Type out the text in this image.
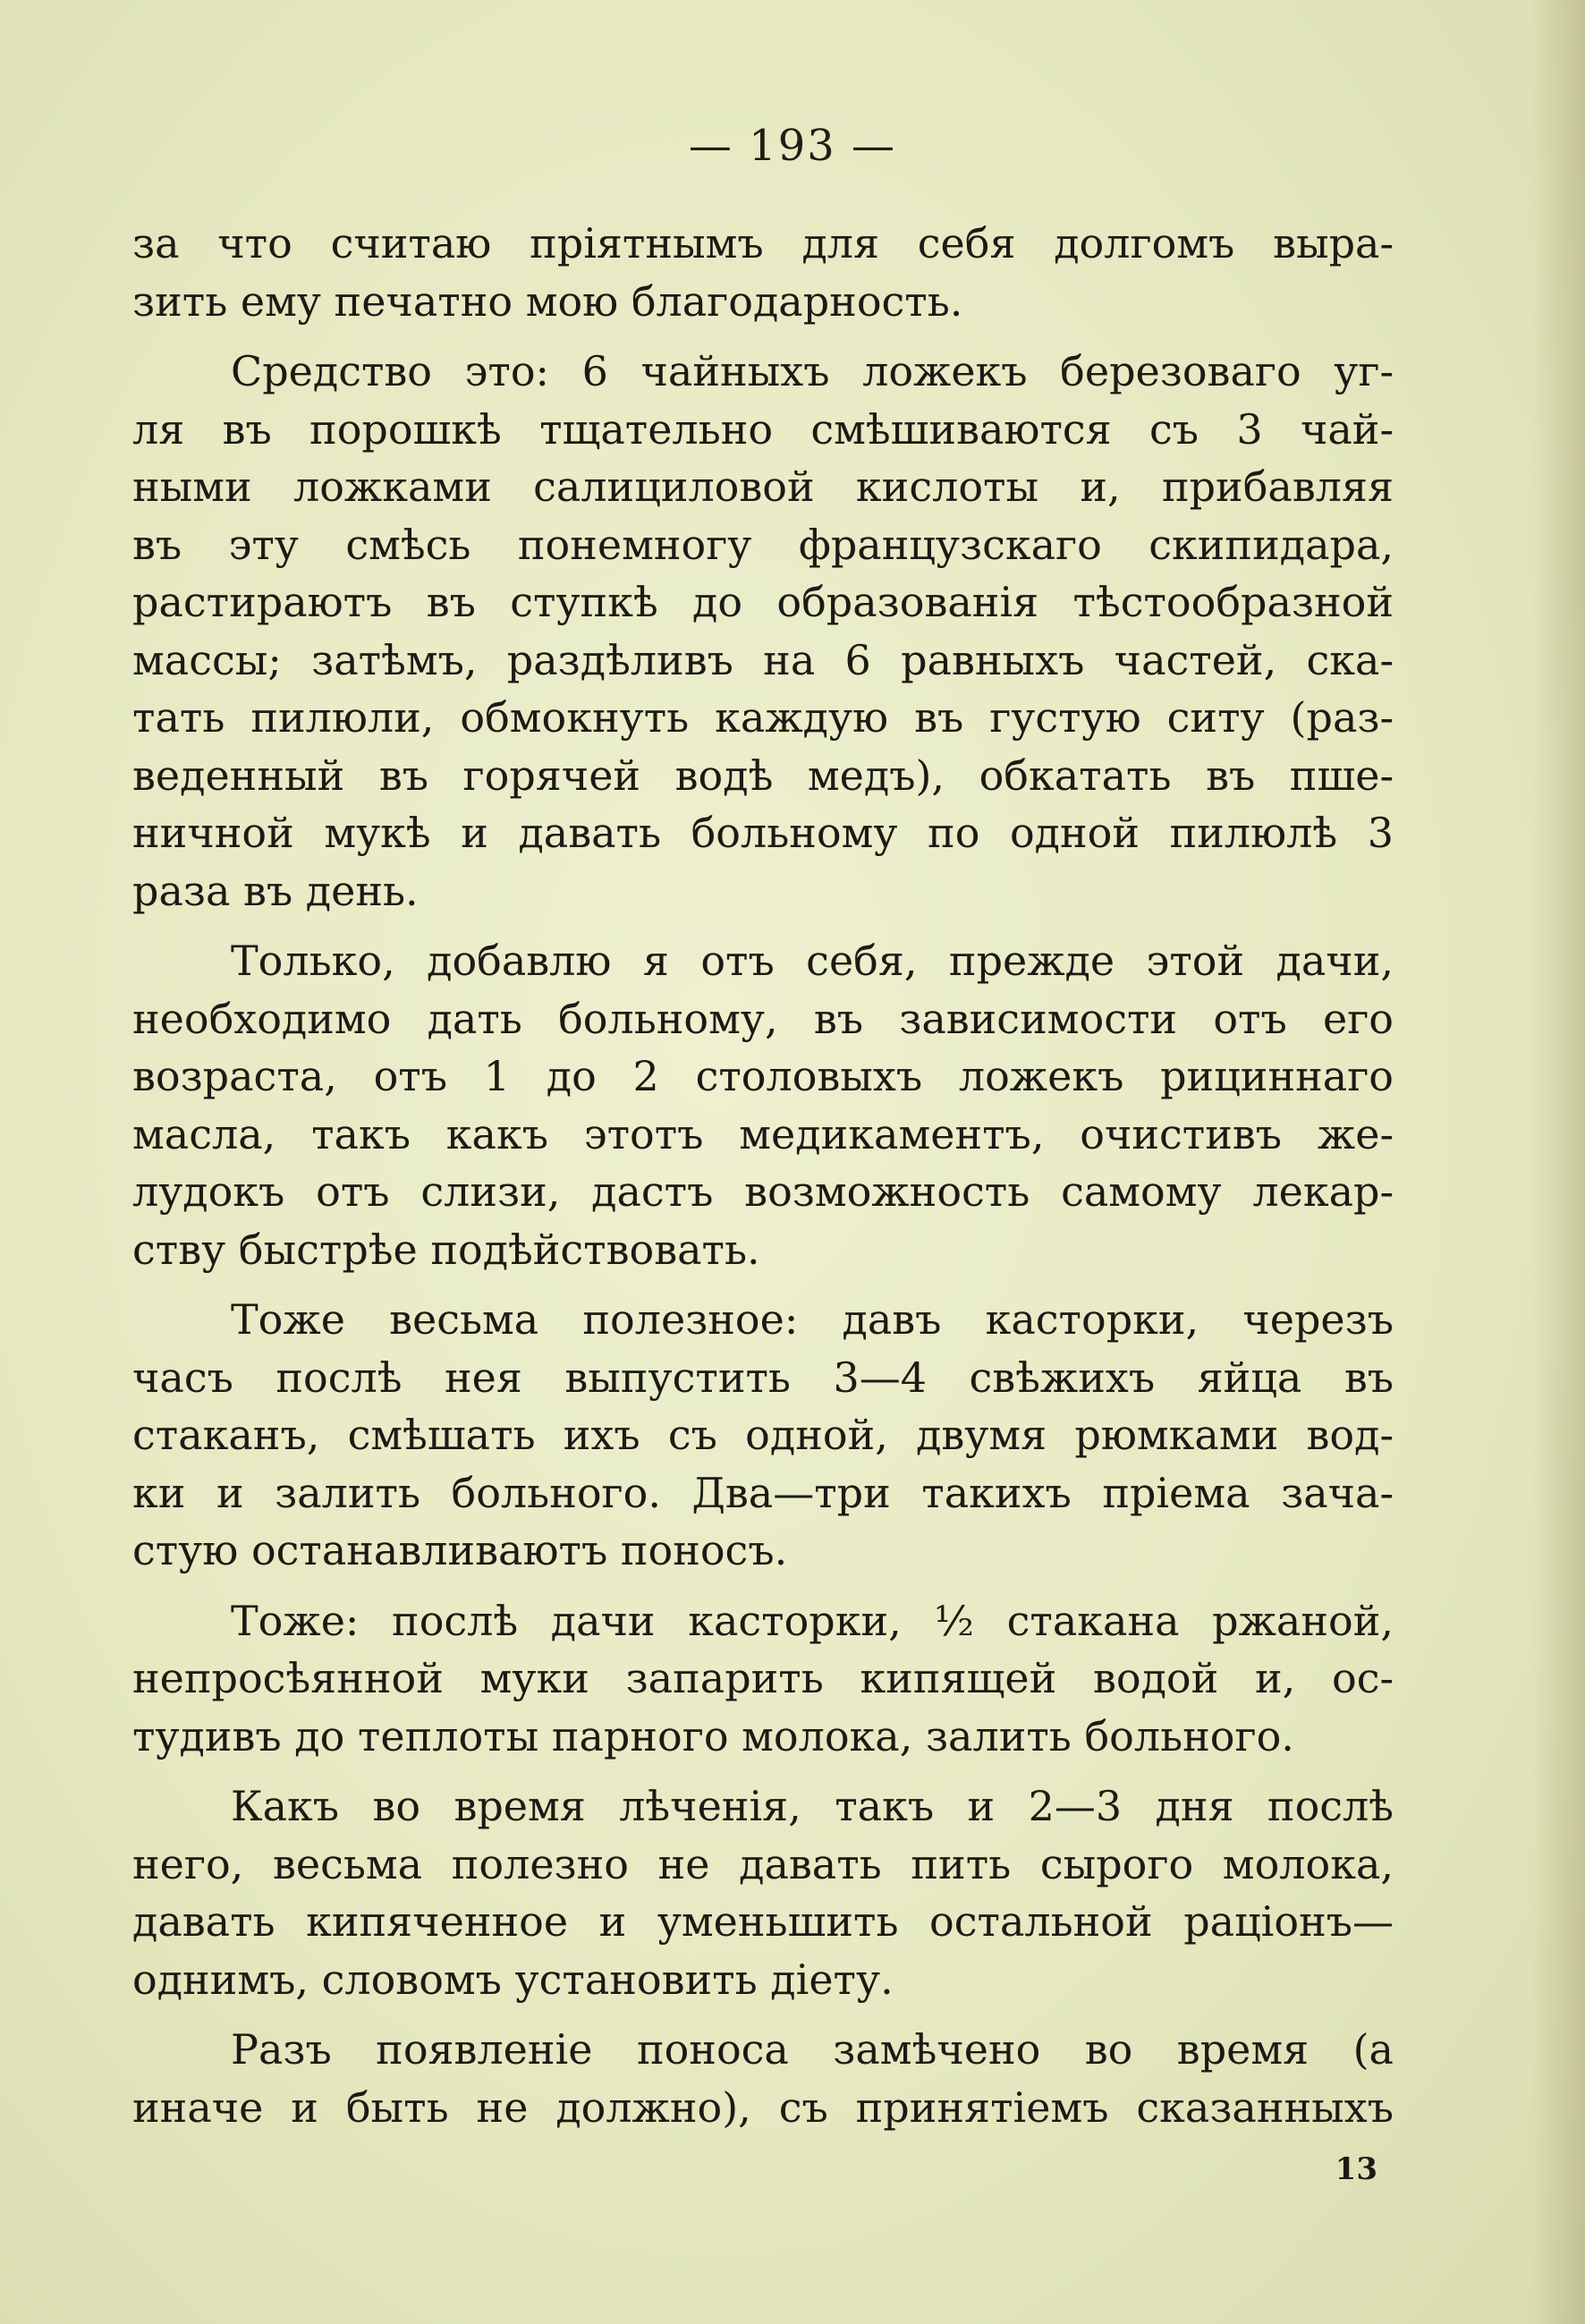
— 193 —
за что считаю пріятнымъ для себя долгомъ выра-
зить ему печатно мою благодарность.
Средство это: 6 чайныхъ ложекъ березоваго уг-
ля въ порошкѣ тщательно смѣшиваются съ 3 чай-
ными ложками салициловой кислоты и, прибавляя
въ эту смѣсь понемногу французскаго скипидара,
растираютъ въ ступкѣ до образованія тѣстообразной
массы; затѣмъ, раздѣливъ на 6 равныхъ частей, ска-
тать пилюли, обмокнуть каждую въ густую ситу (раз-
веденный въ горячей водѣ медъ), обкатать въ пше-
ничной мукѣ и давать больному по одной пилюлѣ 3
раза въ день.
Только, добавлю я отъ себя, прежде этой дачи,
необходимо дать больному, въ зависимости отъ его
возраста, отъ 1 до 2 столовыхъ ложекъ рициннаго
масла, такъ какъ этотъ медикаментъ, очистивъ же-
лудокъ отъ слизи, дастъ возможность самому лекар-
ству быстрѣе подѣйствовать.
Тоже весьма полезное: давъ касторки, черезъ
часъ послѣ нея выпустить 3—4 свѣжихъ яйца въ
стаканъ, смѣшать ихъ съ одной, двумя рюмками вод-
ки и залить больного. Два—три такихъ пріема зача-
стую останавливаютъ поносъ.
Тоже: послѣ дачи касторки, ½ стакана ржаной,
непросѣянной муки запарить кипящей водой и, ос-
тудивъ до теплоты парного молока, залить больного.
Какъ во время лѣченія, такъ и 2—3 дня послѣ
него, весьма полезно не давать пить сырого молока,
давать кипяченное и уменьшить остальной раціонъ—
однимъ, словомъ установить діету.
Разъ появленіе поноса замѣчено во время (а
иначе и быть не должно), съ принятіемъ сказанныхъ
13
